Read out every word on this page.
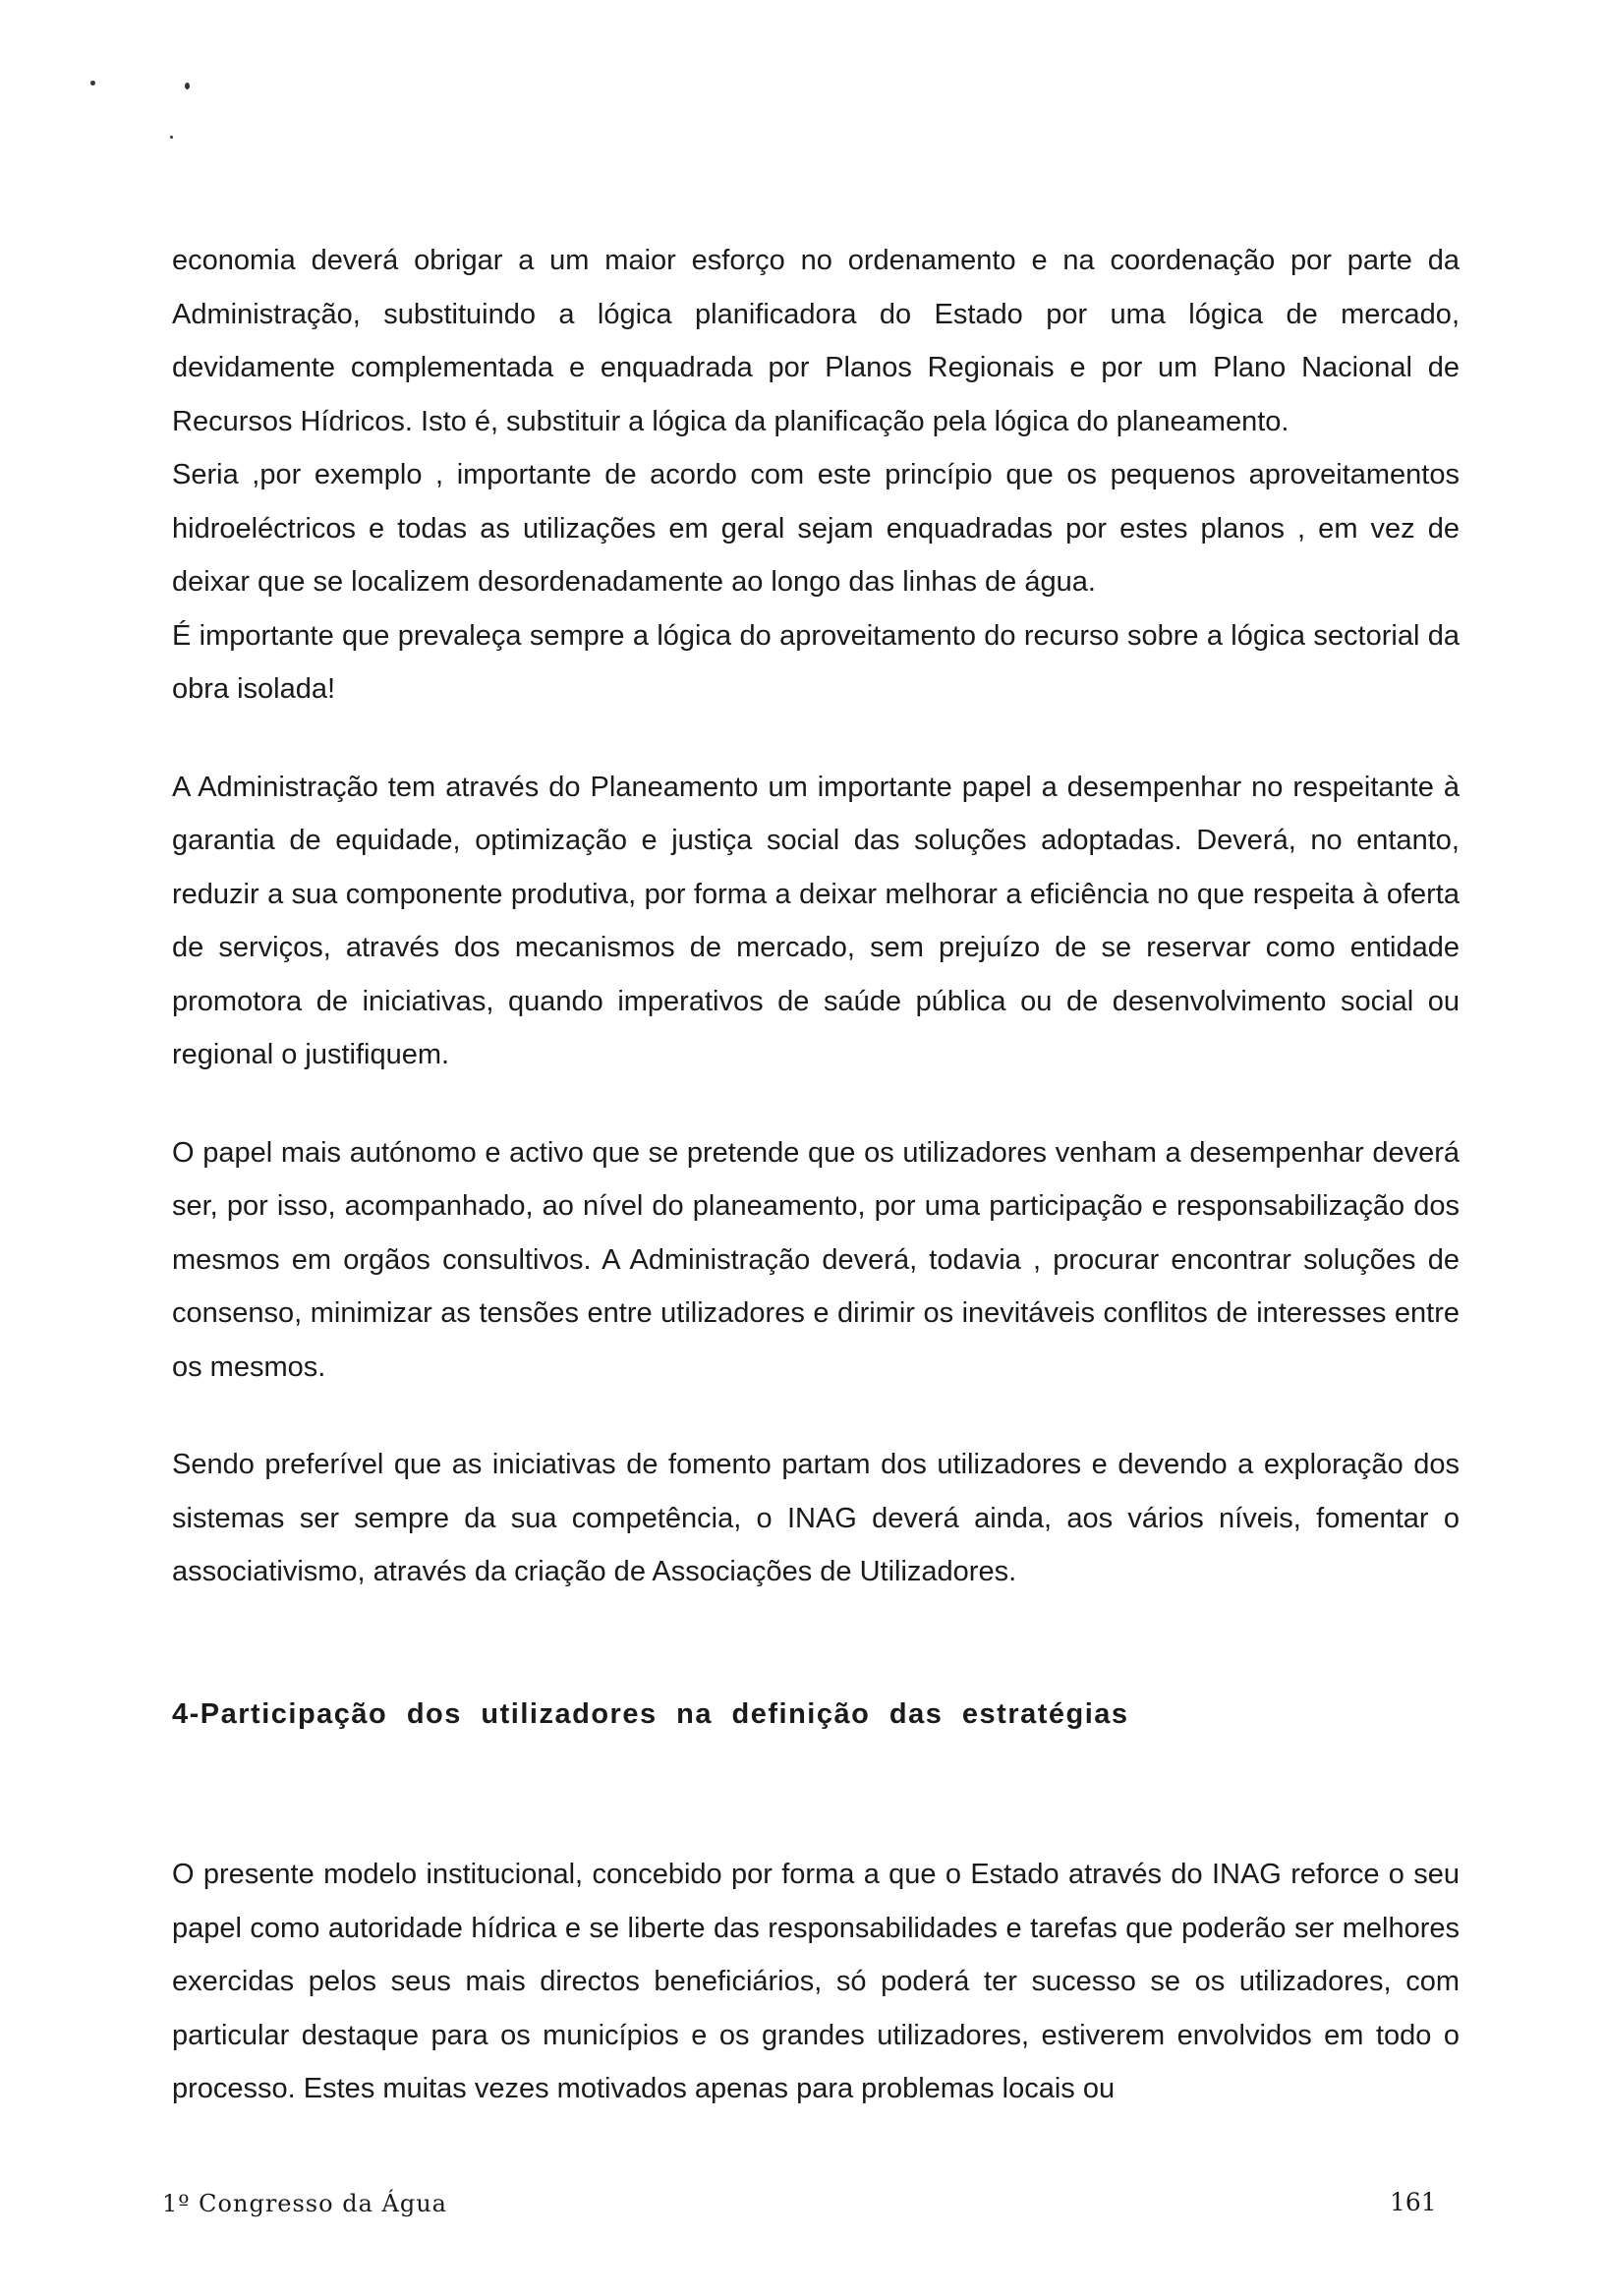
economia deverá obrigar a um maior esforço no ordenamento e na coordenação por parte da Administração, substituindo a lógica planificadora do Estado por uma lógica de mercado, devidamente complementada e enquadrada por Planos Regionais e por um Plano Nacional de Recursos Hídricos. Isto é, substituir a lógica da planificação pela lógica do planeamento.

Seria ,por exemplo , importante de acordo com este princípio que os pequenos aproveitamentos hidroeléctricos e todas as utilizações em geral sejam enquadradas por estes planos , em vez de deixar que se localizem desordenadamente ao longo das linhas de água.

É importante que prevaleça sempre a lógica do aproveitamento do recurso sobre a lógica sectorial da obra isolada!

A Administração tem através do Planeamento um importante papel a desempenhar no respeitante à garantia de equidade, optimização e justiça social das soluções adoptadas. Deverá, no entanto, reduzir a sua componente produtiva, por forma a deixar melhorar a eficiência no que respeita à oferta de serviços, através dos mecanismos de mercado, sem prejuízo de se reservar como entidade promotora de iniciativas, quando imperativos de saúde pública ou de desenvolvimento social ou regional o justifiquem.

O papel mais autónomo e activo que se pretende que os utilizadores venham a desempenhar deverá ser, por isso, acompanhado, ao nível do planeamento, por uma participação e responsabilização dos mesmos em orgãos consultivos. A Administração deverá, todavia , procurar encontrar soluções de consenso, minimizar as tensões entre utilizadores e dirimir os inevitáveis conflitos de interesses entre os mesmos.

Sendo preferível que as iniciativas de fomento partam dos utilizadores e devendo a exploração dos sistemas ser sempre da sua competência, o INAG deverá ainda, aos vários níveis, fomentar o associativismo, através da criação de Associações de Utilizadores.

4-Participação dos utilizadores na definição das estratégias

O presente modelo institucional, concebido por forma a que o Estado através do INAG reforce o seu papel como autoridade hídrica e se liberte das responsabilidades e tarefas que poderão ser melhores exercidas pelos seus mais directos beneficiários, só poderá ter sucesso se os utilizadores, com particular destaque para os municípios e os grandes utilizadores, estiverem envolvidos em todo o processo. Estes muitas vezes motivados apenas para problemas locais ou

1º Congresso da Água	161
